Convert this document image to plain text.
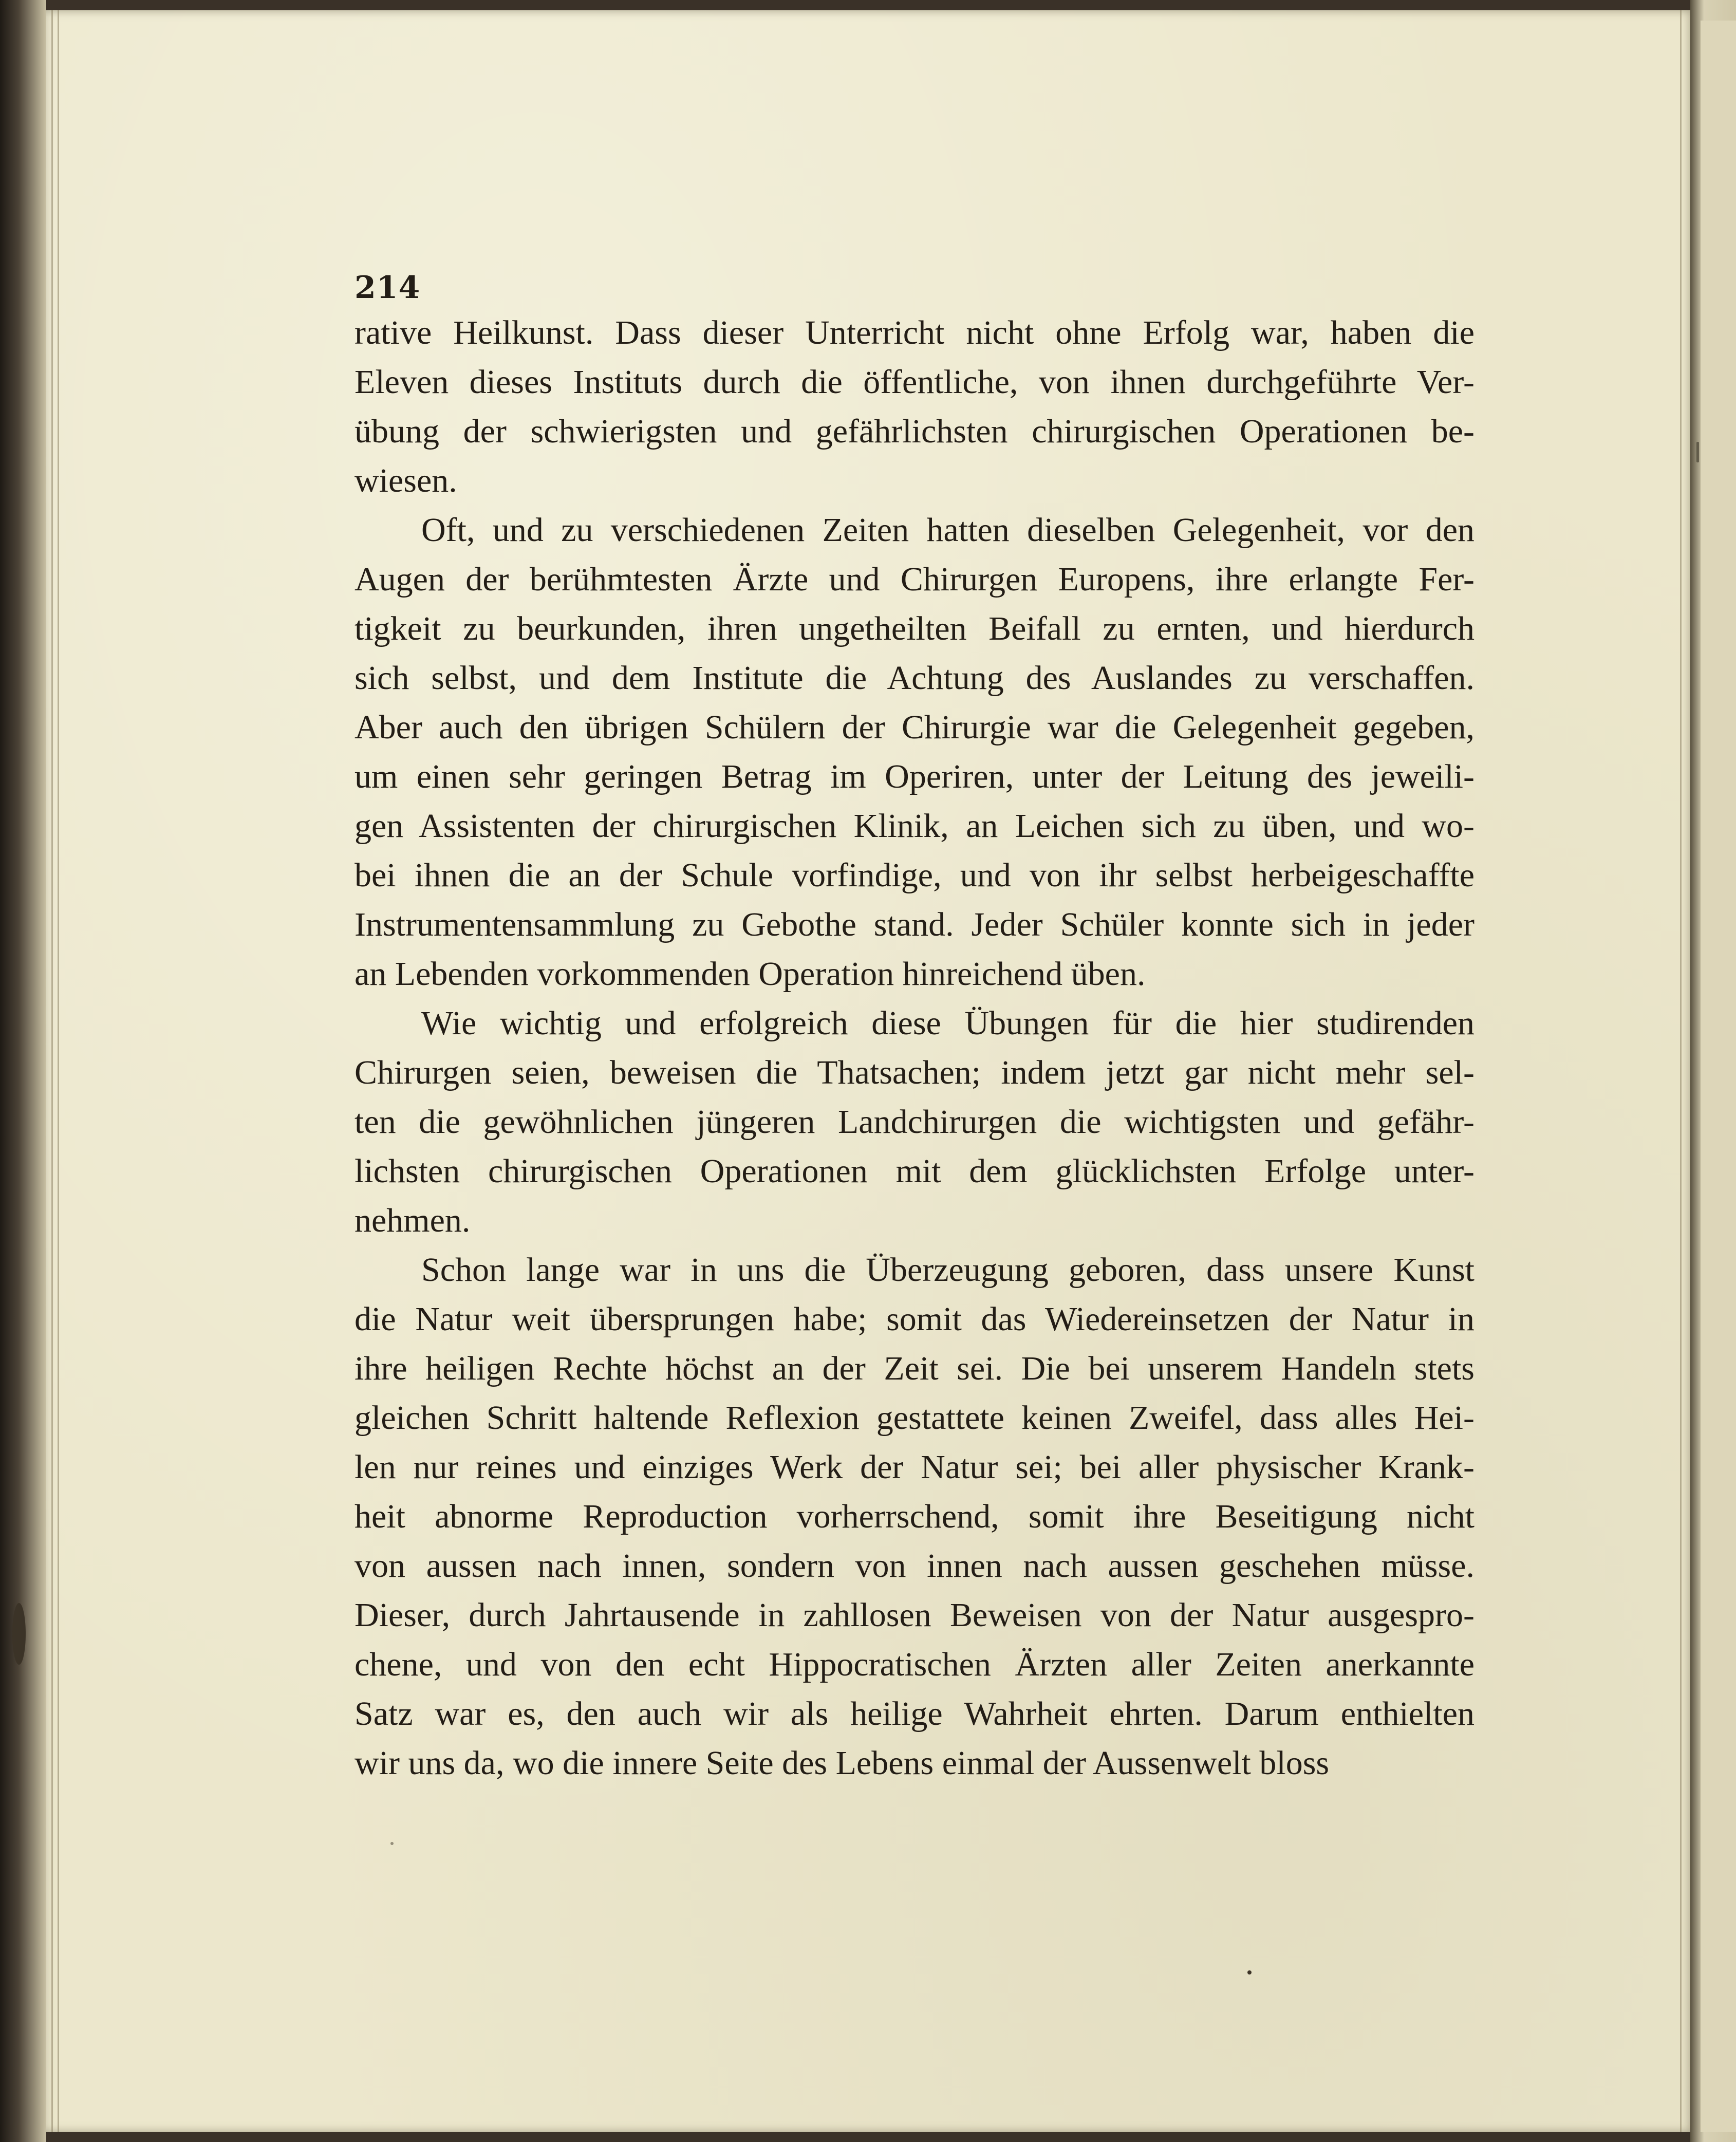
214
rative Heilkunst. Dass dieser Unterricht nicht ohne Erfolg war, haben die
Eleven dieses Instituts durch die öffentliche, von ihnen durchgeführte Ver-
übung der schwierigsten und gefährlichsten chirurgischen Operationen be-
wiesen.
Oft, und zu verschiedenen Zeiten hatten dieselben Gelegenheit, vor den
Augen der berühmtesten Ärzte und Chirurgen Europens, ihre erlangte Fer-
tigkeit zu beurkunden, ihren ungetheilten Beifall zu ernten, und hierdurch
sich selbst, und dem Institute die Achtung des Auslandes zu verschaffen.
Aber auch den übrigen Schülern der Chirurgie war die Gelegenheit gegeben,
um einen sehr geringen Betrag im Operiren, unter der Leitung des jeweili-
gen Assistenten der chirurgischen Klinik, an Leichen sich zu üben, und wo-
bei ihnen die an der Schule vorfindige, und von ihr selbst herbeigeschaffte
Instrumentensammlung zu Gebothe stand. Jeder Schüler konnte sich in jeder
an Lebenden vorkommenden Operation hinreichend üben.
Wie wichtig und erfolgreich diese Übungen für die hier studirenden
Chirurgen seien, beweisen die Thatsachen; indem jetzt gar nicht mehr sel-
ten die gewöhnlichen jüngeren Landchirurgen die wichtigsten und gefähr-
lichsten chirurgischen Operationen mit dem glücklichsten Erfolge unter-
nehmen.
Schon lange war in uns die Überzeugung geboren, dass unsere Kunst
die Natur weit übersprungen habe; somit das Wiedereinsetzen der Natur in
ihre heiligen Rechte höchst an der Zeit sei. Die bei unserem Handeln stets
gleichen Schritt haltende Reflexion gestattete keinen Zweifel, dass alles Hei-
len nur reines und einziges Werk der Natur sei; bei aller physischer Krank-
heit abnorme Reproduction vorherrschend, somit ihre Beseitigung nicht
von aussen nach innen, sondern von innen nach aussen geschehen müsse.
Dieser, durch Jahrtausende in zahllosen Beweisen von der Natur ausgespro-
chene, und von den echt Hippocratischen Ärzten aller Zeiten anerkannte
Satz war es, den auch wir als heilige Wahrheit ehrten. Darum enthielten
wir uns da, wo die innere Seite des Lebens einmal der Aussenwelt bloss
